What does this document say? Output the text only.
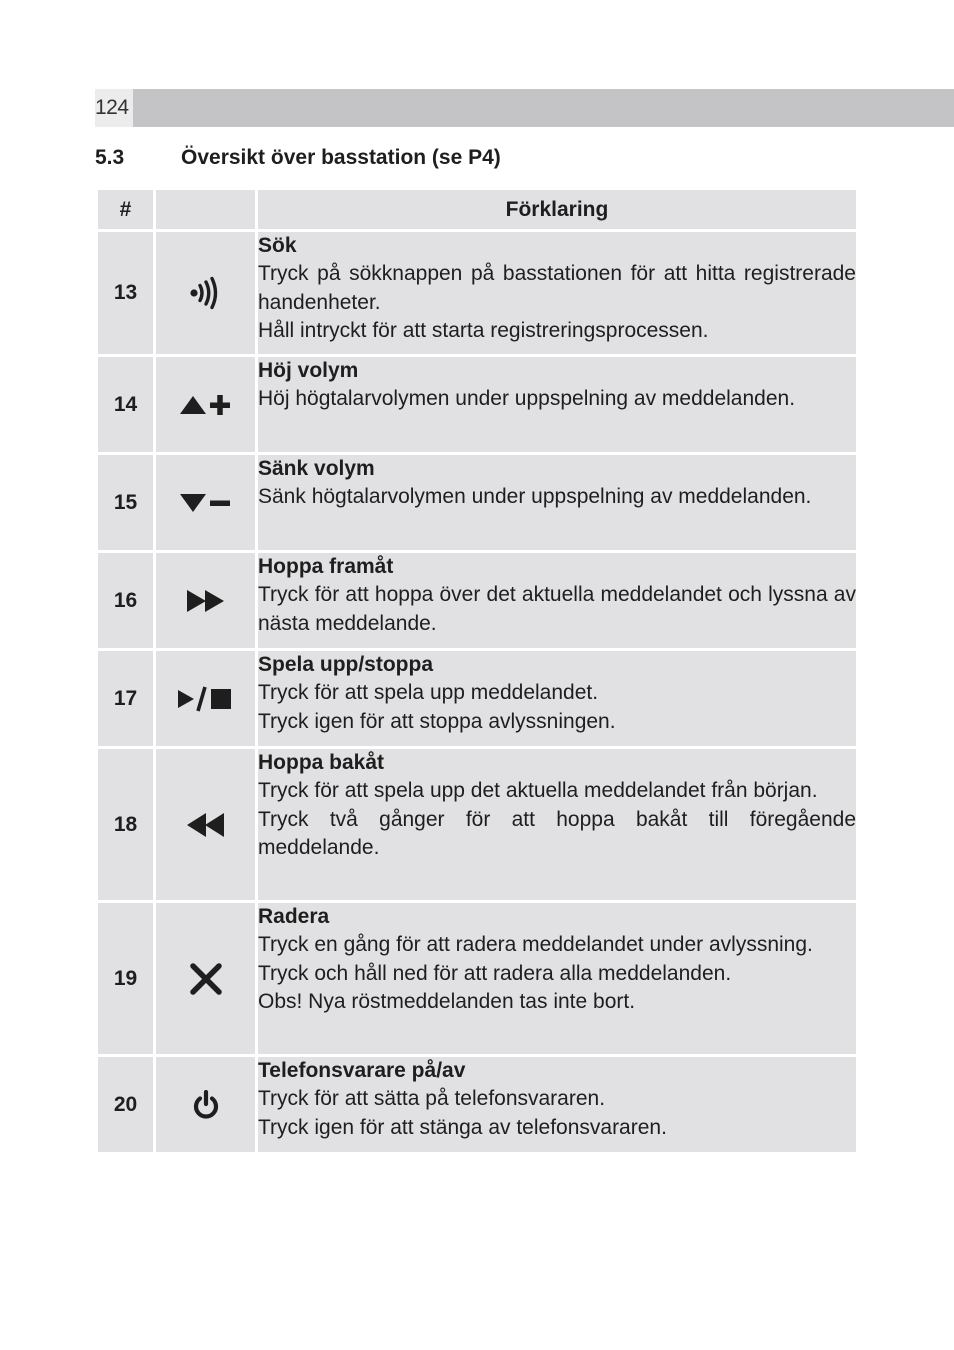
124
5.3	Översikt över basstation (se P4)
#		Förklaring
13		Sök
Tryck på sökknappen på basstationen för att hitta registrerade handenheter.
Håll intryckt för att starta registreringsprocessen.

14		Höj volym
Höj högtalarvolymen under uppspelning av meddelanden.

15		Sänk volym
Sänk högtalarvolymen under uppspelning av meddelanden.

16		Hoppa framåt
Tryck för att hoppa över det aktuella meddelandet och lyssna av nästa meddelande.

17		Spela upp/stoppa
Tryck för att spela upp meddelandet.
Tryck igen för att stoppa avlyssningen.

18		Hoppa bakåt
Tryck för att spela upp det aktuella meddelandet från början.
Tryck två gånger för att hoppa bakåt till föregående meddelande.

19		Radera
Tryck en gång för att radera meddelandet under avlyssning.
Tryck och håll ned för att radera alla meddelanden.
Obs! Nya röstmeddelanden tas inte bort.

20		Telefonsvarare på/av
Tryck för att sätta på telefonsvararen.
Tryck igen för att stänga av telefonsvararen.
